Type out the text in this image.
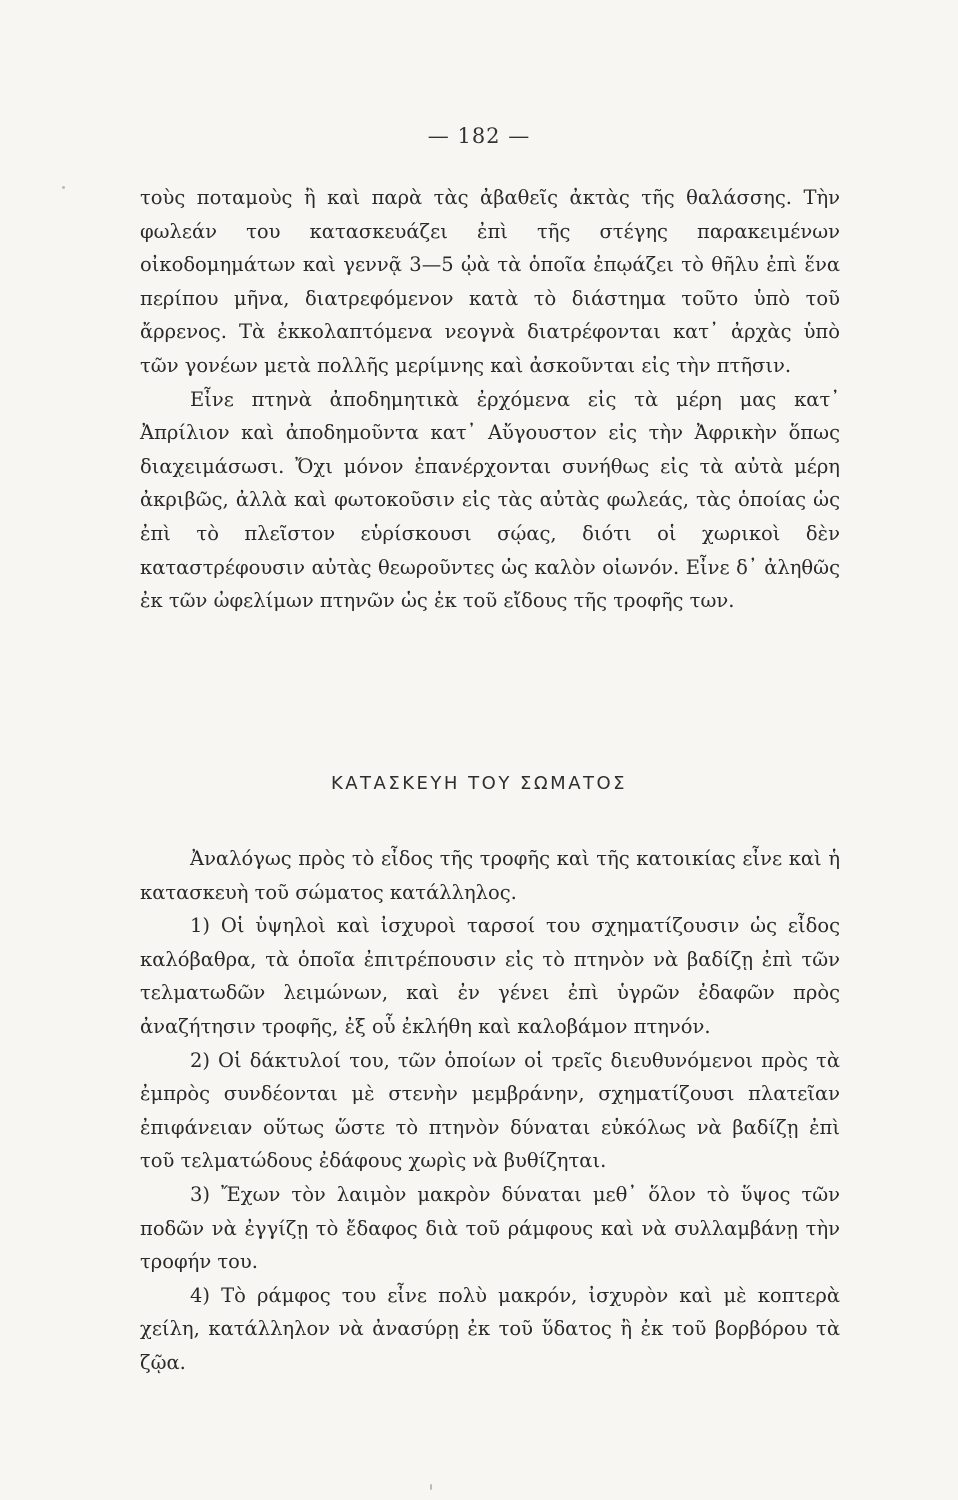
— 182 —

τοὺς ποταμοὺς ἢ καὶ παρὰ τὰς ἀβαθεῖς ἀκτὰς τῆς θαλάσσης. Τὴν φωλεάν του κατασκευάζει ἐπὶ τῆς στέγης παρακειμένων οἰκοδομημάτων καὶ γεννᾷ 3—5 ᾠὰ τὰ ὁποῖα ἐπῳάζει τὸ θῆλυ ἐπὶ ἕνα περίπου μῆνα, διατρεφόμενον κατὰ τὸ διάστημα τοῦτο ὑπὸ τοῦ ἄρρενος. Τὰ ἐκκολαπτόμενα νεογνὰ διατρέφονται κατ᾽ ἀρχὰς ὑπὸ τῶν γονέων μετὰ πολλῆς μερίμνης καὶ ἀσκοῦνται εἰς τὴν πτῆσιν.

Εἶνε πτηνὰ ἀποδημητικὰ ἐρχόμενα εἰς τὰ μέρη μας κατ᾽ Ἀπρίλιον καὶ ἀποδημοῦντα κατ᾽ Αὔγουστον εἰς τὴν Ἀφρικὴν ὅπως διαχειμάσωσι. Ὄχι μόνον ἐπανέρχονται συνήθως εἰς τὰ αὐτὰ μέρη ἀκριβῶς, ἀλλὰ καὶ φωτοκοῦσιν εἰς τὰς αὐτὰς φωλεάς, τὰς ὁποίας ὡς ἐπὶ τὸ πλεῖστον εὑρίσκουσι σῴας, διότι οἱ χωρικοὶ δὲν καταστρέφουσιν αὐτὰς θεωροῦντες ὡς καλὸν οἰωνόν. Εἶνε δ᾽ ἀληθῶς ἐκ τῶν ὠφελίμων πτηνῶν ὡς ἐκ τοῦ εἴδους τῆς τροφῆς των.

ΚΑΤΑΣΚΕΥΗ ΤΟΥ ΣΩΜΑΤΟΣ

Ἀναλόγως πρὸς τὸ εἶδος τῆς τροφῆς καὶ τῆς κατοικίας εἶνε καὶ ἡ κατασκευὴ τοῦ σώματος κατάλληλος.

1) Οἱ ὑψηλοὶ καὶ ἰσχυροὶ ταρσοί του σχηματίζουσιν ὡς εἶδος καλόβαθρα, τὰ ὁποῖα ἐπιτρέπουσιν εἰς τὸ πτηνὸν νὰ βαδίζῃ ἐπὶ τῶν τελματωδῶν λειμώνων, καὶ ἐν γένει ἐπὶ ὑγρῶν ἐδαφῶν πρὸς ἀναζήτησιν τροφῆς, ἐξ οὗ ἐκλήθη καὶ καλοβάμον πτηνόν.

2) Οἱ δάκτυλοί του, τῶν ὁποίων οἱ τρεῖς διευθυνόμενοι πρὸς τὰ ἐμπρὸς συνδέονται μὲ στενὴν μεμβράνην, σχηματίζουσι πλατεῖαν ἐπιφάνειαν οὕτως ὥστε τὸ πτηνὸν δύναται εὐκόλως νὰ βαδίζῃ ἐπὶ τοῦ τελματώδους ἐδάφους χωρὶς νὰ βυθίζηται.

3) Ἔχων τὸν λαιμὸν μακρὸν δύναται μεθ᾽ ὅλον τὸ ὕψος τῶν ποδῶν νὰ ἐγγίζῃ τὸ ἔδαφος διὰ τοῦ ράμφους καὶ νὰ συλλαμβάνῃ τὴν τροφήν του.

4) Τὸ ράμφος του εἶνε πολὺ μακρόν, ἰσχυρὸν καὶ μὲ κοπτερὰ χείλη, κατάλληλον νὰ ἀνασύρῃ ἐκ τοῦ ὕδατος ἢ ἐκ τοῦ βορβόρου τὰ ζῷα.
